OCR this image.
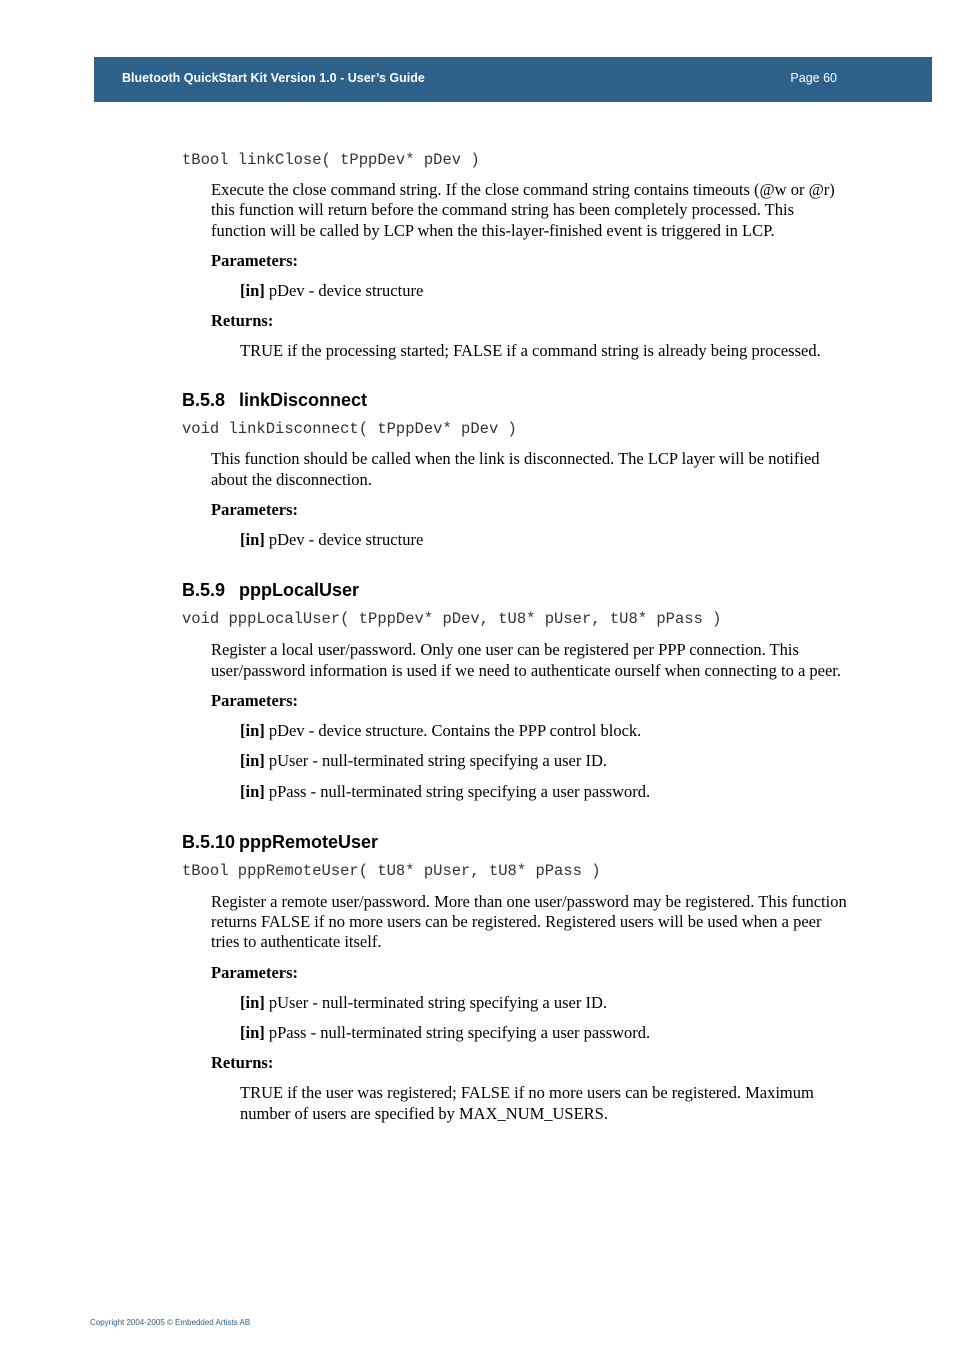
Bluetooth QuickStart Kit Version 1.0 - User’s Guide	Page 60

tBool linkClose( tPppDev* pDev )

Execute the close command string. If the close command string contains timeouts (@w or @r) this function will return before the command string has been completely processed. This function will be called by LCP when the this-layer-finished event is triggered in LCP.

Parameters:

[in] pDev - device structure

Returns:

TRUE if the processing started; FALSE if a command string is already being processed.

B.5.8 linkDisconnect

void linkDisconnect( tPppDev* pDev )

This function should be called when the link is disconnected. The LCP layer will be notified about the disconnection.

Parameters:

[in] pDev - device structure

B.5.9 pppLocalUser

void pppLocalUser( tPppDev* pDev, tU8* pUser, tU8* pPass )

Register a local user/password. Only one user can be registered per PPP connection. This user/password information is used if we need to authenticate ourself when connecting to a peer.

Parameters:

[in] pDev - device structure. Contains the PPP control block.

[in] pUser - null-terminated string specifying a user ID.

[in] pPass - null-terminated string specifying a user password.

B.5.10 pppRemoteUser

tBool pppRemoteUser( tU8* pUser, tU8* pPass )

Register a remote user/password. More than one user/password may be registered. This function returns FALSE if no more users can be registered. Registered users will be used when a peer tries to authenticate itself.

Parameters:

[in] pUser - null-terminated string specifying a user ID.

[in] pPass - null-terminated string specifying a user password.

Returns:

TRUE if the user was registered; FALSE if no more users can be registered. Maximum number of users are specified by MAX_NUM_USERS.

Copyright 2004-2005 © Embedded Artists AB
